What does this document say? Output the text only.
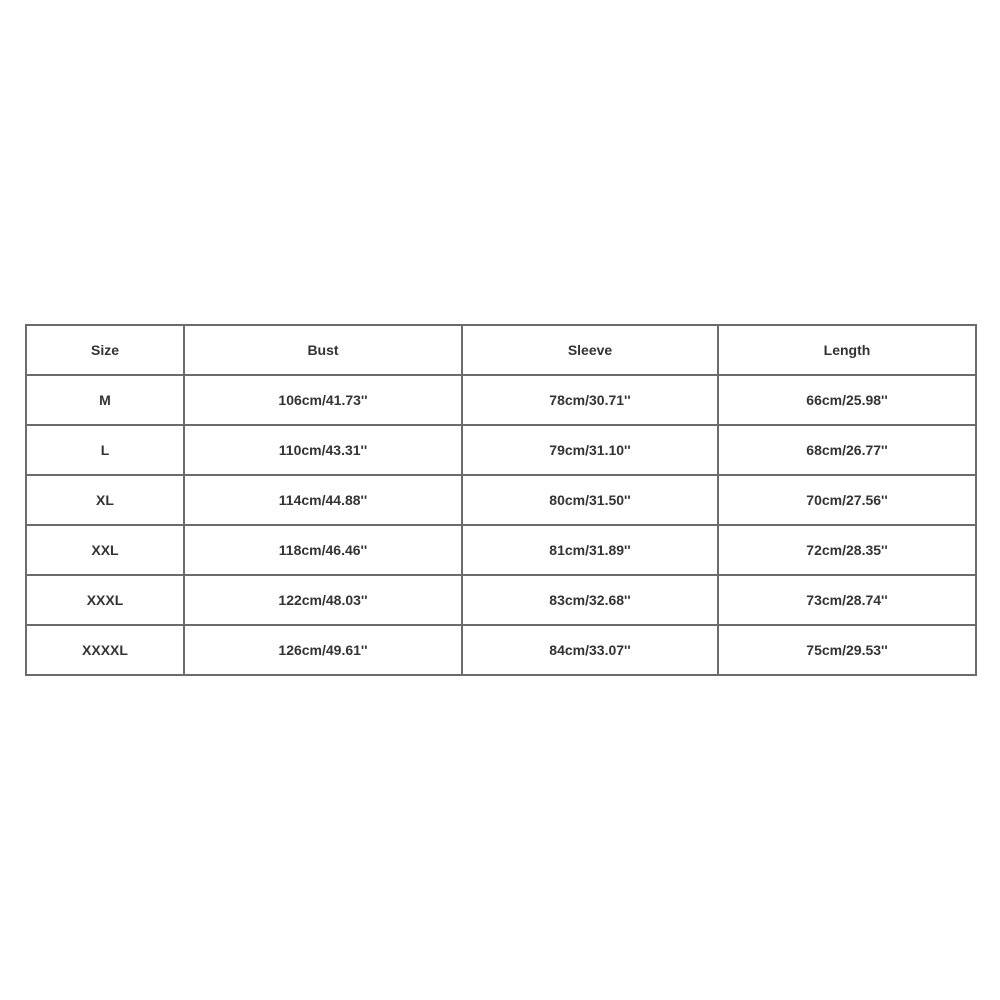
Size	Bust	Sleeve	Length
M	106cm/41.73''	78cm/30.71''	66cm/25.98''
L	110cm/43.31''	79cm/31.10''	68cm/26.77''
XL	114cm/44.88''	80cm/31.50''	70cm/27.56''
XXL	118cm/46.46''	81cm/31.89''	72cm/28.35''
XXXL	122cm/48.03''	83cm/32.68''	73cm/28.74''
XXXXL	126cm/49.61''	84cm/33.07''	75cm/29.53''
